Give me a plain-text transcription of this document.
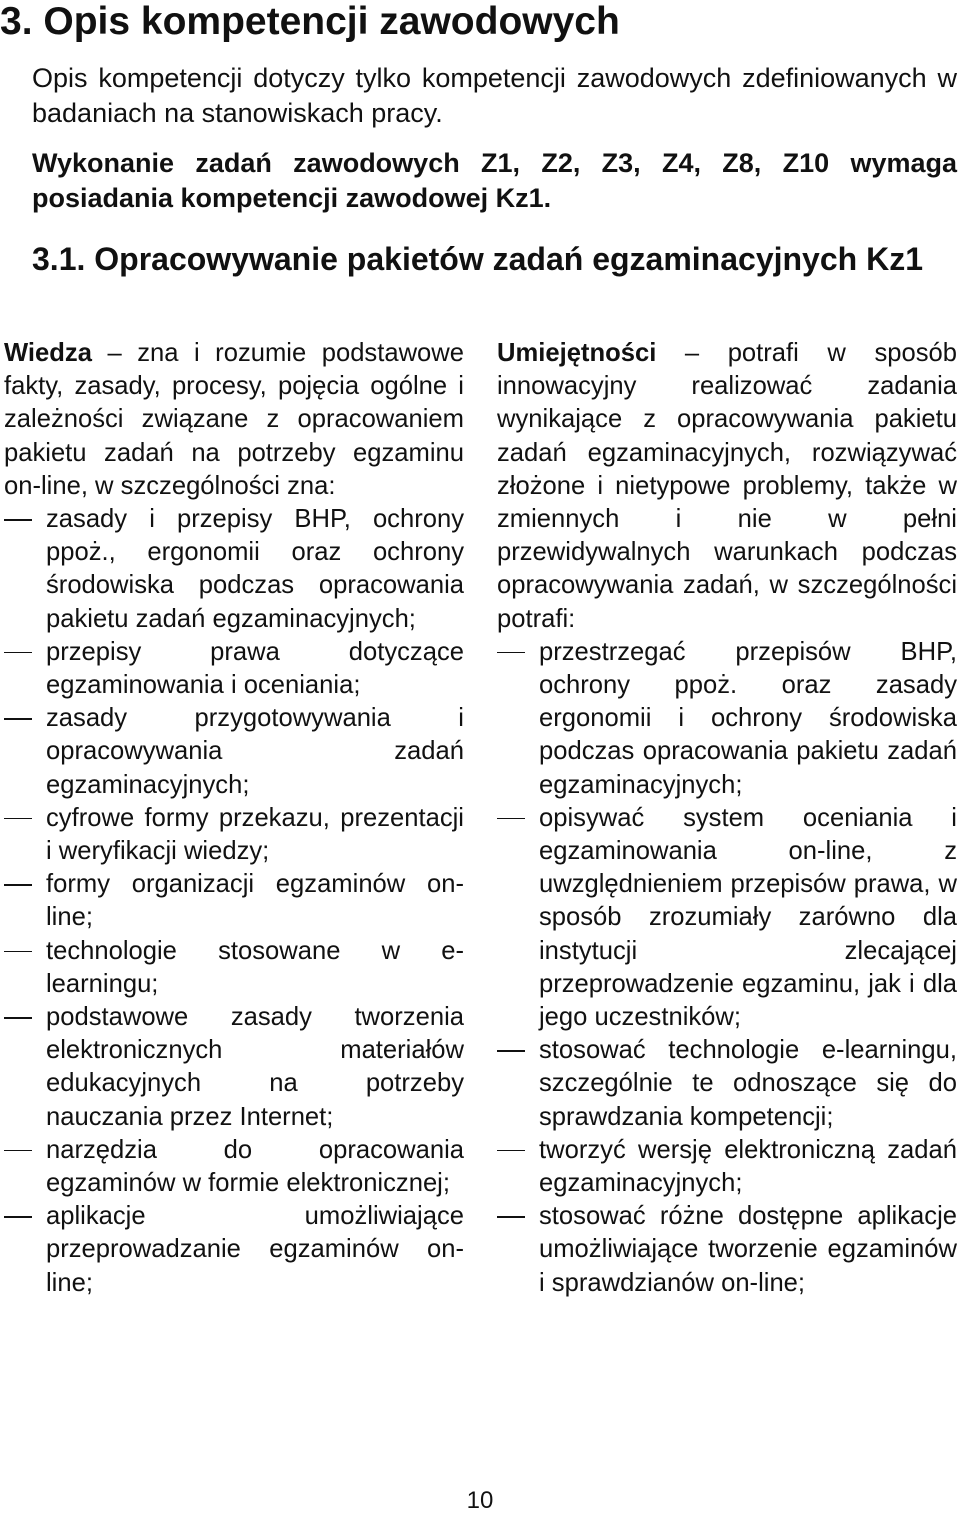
3. Opis kompetencji zawodowych

Opis kompetencji dotyczy tylko kompetencji zawodowych zdefiniowanych w badaniach na stanowiskach pracy.

Wykonanie zadań zawodowych Z1, Z2, Z3, Z4, Z8, Z10 wymaga posiadania kompetencji zawodowej Kz1.

3.1. Opracowywanie pakietów zadań egzaminacyjnych Kz1

Wiedza – zna i rozumie podstawowe fakty, zasady, procesy, pojęcia ogólne i zależności związane z opracowaniem pakietu zadań na potrzeby egzaminu on-line, w szczególności zna:

zasady i przepisy BHP, ochrony ppoż., ergonomii oraz ochrony środowiska podczas opracowania pakietu zadań egzaminacyjnych;
przepisy prawa dotyczące egzaminowania i oceniania;
zasady przygotowywania i opracowywania zadań egzaminacyjnych;
cyfrowe formy przekazu, prezentacji i weryfikacji wiedzy;
formy organizacji egzaminów on-line;
technologie stosowane w e-learningu;
podstawowe zasady tworzenia elektronicznych materiałów edukacyjnych na potrzeby nauczania przez Internet;
narzędzia do opracowania egzaminów w formie elektronicznej;
aplikacje umożliwiające przeprowadzanie egzaminów on-line;

Umiejętności – potrafi w sposób innowacyjny realizować zadania wynikające z opracowywania pakietu zadań egzaminacyjnych, rozwiązywać złożone i nietypowe problemy, także w zmiennych i nie w pełni przewidywalnych warunkach podczas opracowywania zadań, w szczególności potrafi:

przestrzegać przepisów BHP, ochrony ppoż. oraz zasady ergonomii i ochrony środowiska podczas opracowania pakietu zadań egzaminacyjnych;
opisywać system oceniania i egzaminowania on-line, z uwzględnieniem przepisów prawa, w sposób zrozumiały zarówno dla instytucji zlecającej przeprowadzenie egzaminu, jak i dla jego uczestników;
stosować technologie e-learningu, szczególnie te odnoszące się do sprawdzania kompetencji;
tworzyć wersję elektroniczną zadań egzaminacyjnych;
stosować różne dostępne aplikacje umożliwiające tworzenie egzaminów i sprawdzianów on-line;
10
